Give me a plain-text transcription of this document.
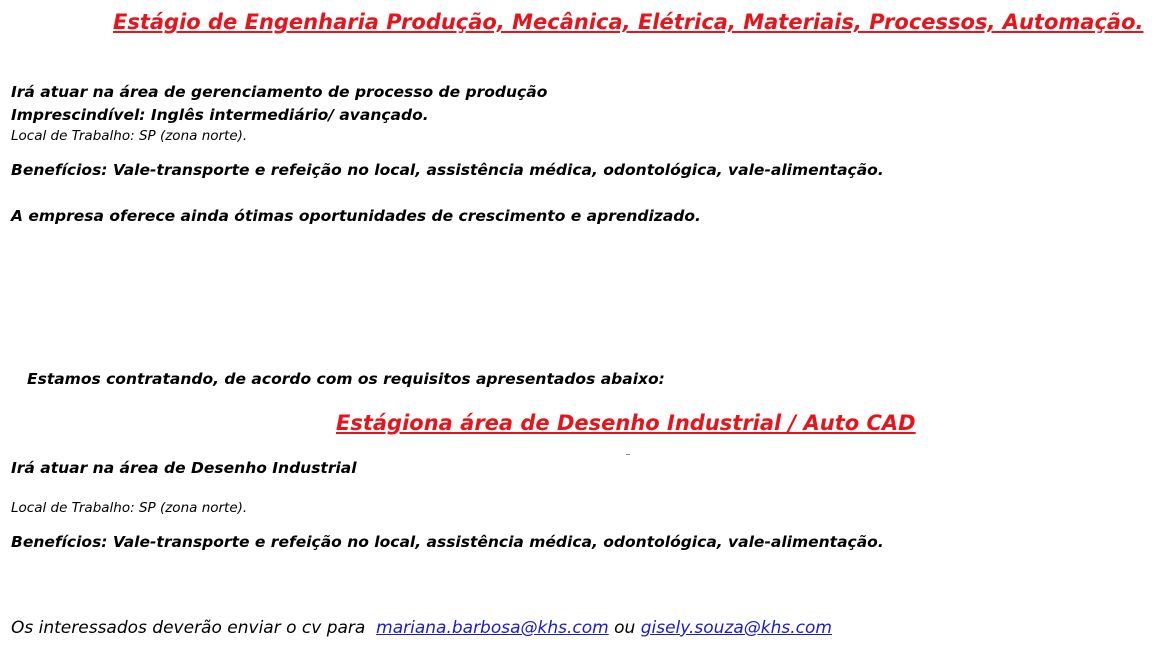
Estágio de Engenharia Produção, Mecânica, Elétrica, Materiais, Processos, Automação.
Irá atuar na área de gerenciamento de processo de produção
Imprescindível: Inglês intermediário/ avançado.
Local de Trabalho: SP (zona norte).
Benefícios: Vale-transporte e refeição no local, assistência médica, odontológica, vale-alimentação.
A empresa oferece ainda ótimas oportunidades de crescimento e aprendizado.
Estamos contratando, de acordo com os requisitos apresentados abaixo:
Estágiona área de Desenho Industrial / Auto CAD
Irá atuar na área de Desenho Industrial
Local de Trabalho: SP (zona norte).
Benefícios: Vale-transporte e refeição no local, assistência médica, odontológica, vale-alimentação.
Os interessados deverão enviar o cv para mariana.barbosa@khs.com ou gisely.souza@khs.com
